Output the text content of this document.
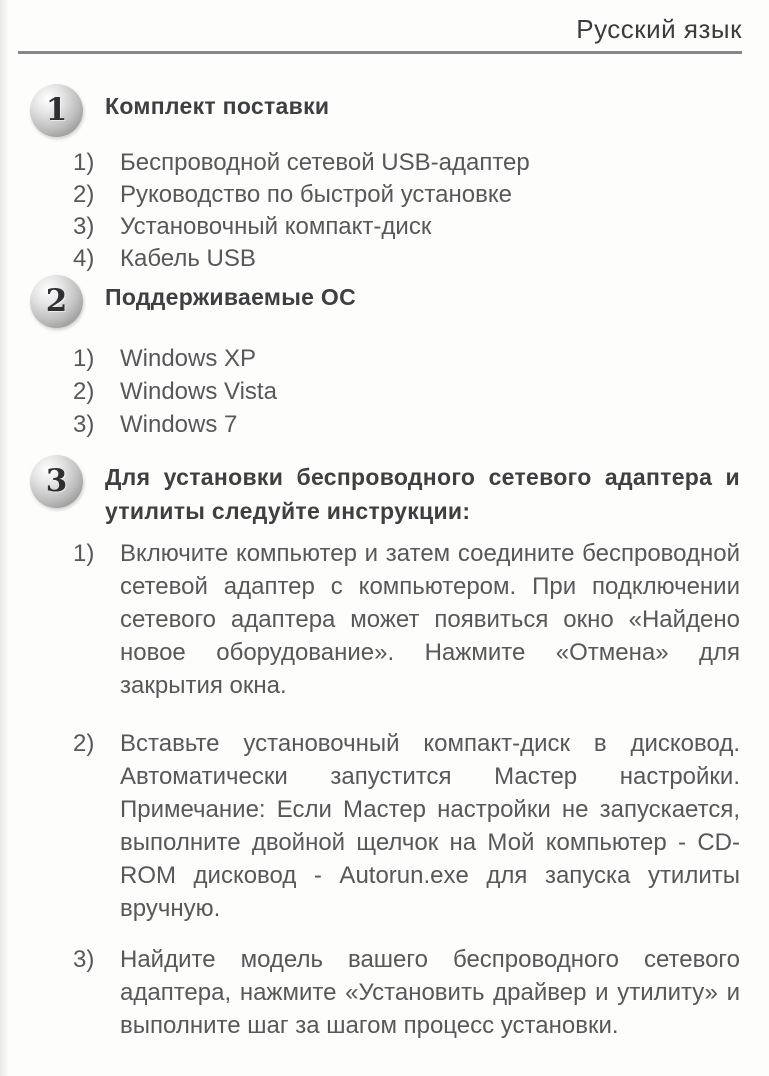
Русский язык
1 Комплект поставки
1)	Беспроводной сетевой USB-адаптер
2)	Руководство по быстрой установке
3)	Установочный компакт-диск
4)	Кабель USB
2 Поддерживаемые ОС
1)	Windows XP
2)	Windows Vista
3)	Windows 7
3 Для установки беспроводного сетевого адаптера и утилиты следуйте инструкции:
1)	Включите компьютер и затем соедините беспроводной сетевой адаптер с компьютером. При подключении сетевого адаптера может появиться окно «Найдено новое оборудование». Нажмите «Отмена» для закрытия окна.
2)	Вставьте установочный компакт-диск в дисковод. Автоматически запустится Мастер настройки. Примечание: Если Мастер настройки не запускается, выполните двойной щелчок на Мой компьютер - CD-ROM дисковод - Autorun.exe для запуска утилиты вручную.
3)	Найдите модель вашего беспроводного сетевого адаптера, нажмите «Установить драйвер и утилиту» и выполните шаг за шагом процесс установки.
